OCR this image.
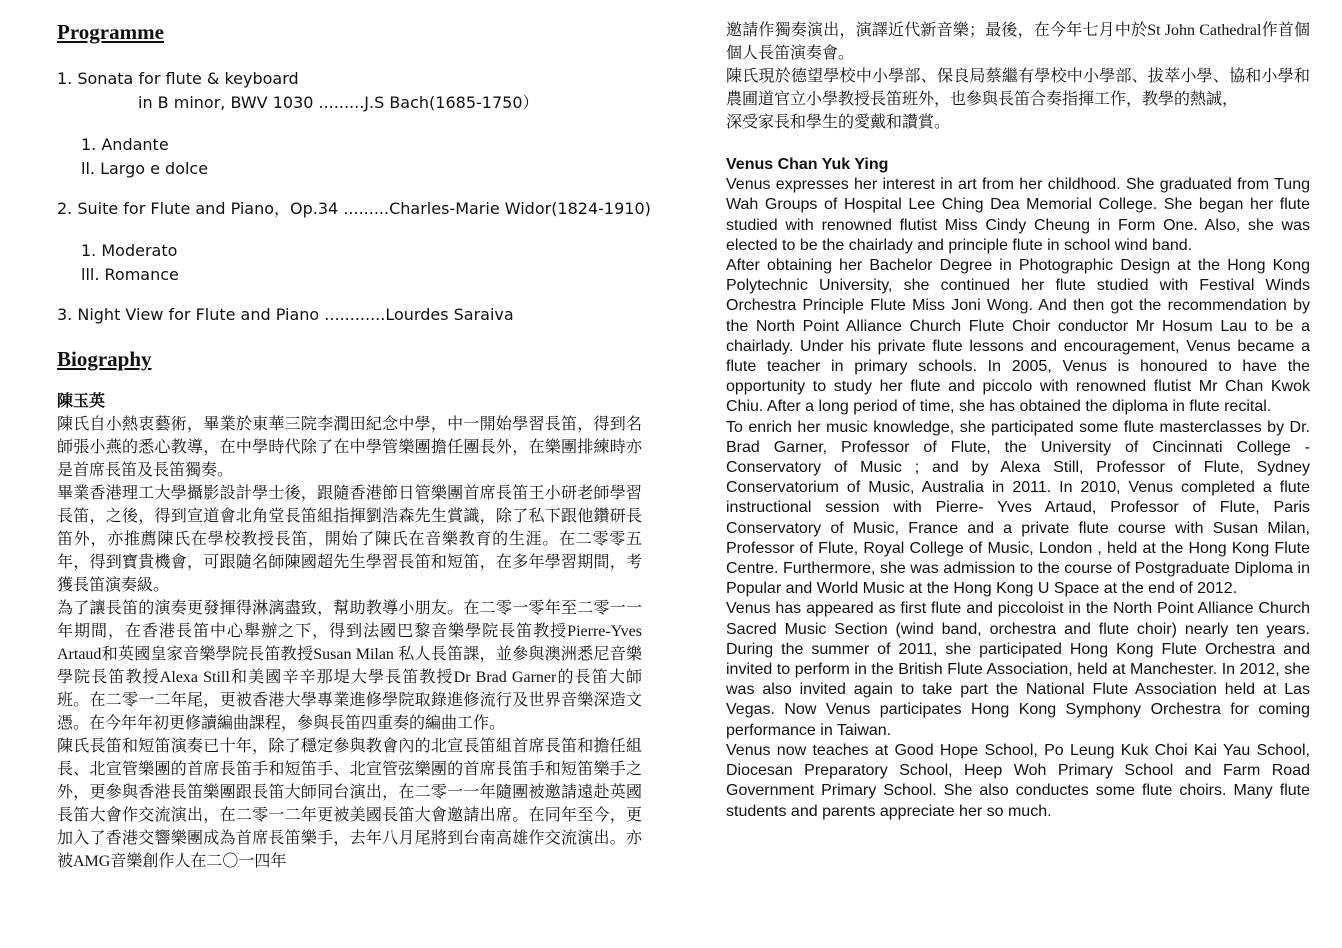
Programme
1. Sonata for flute & keyboard
in B minor, BWV 1030 .........J.S Bach(1685-1750）
1. Andante
ll. Largo e dolce
2. Suite for Flute and Piano，Op.34 .........Charles-Marie Widor(1824-1910)
1. Moderato
lll. Romance
3. Night View for Flute and Piano ............Lourdes Saraiva
Biography

陳玉英

陳氏自小熱衷藝術，畢業於東華三院李潤田紀念中學，中一開始學習長笛，得到名師張小燕的悉心教導，在中學時代除了在中學管樂團擔任團長外，在樂團排練時亦是首席長笛及長笛獨奏。

畢業香港理工大學攝影設計學士後，跟隨香港節日管樂團首席長笛王小研老師學習長笛，之後，得到宣道會北角堂長笛組指揮劉浩森先生賞識，除了私下跟他鑽研長笛外，亦推薦陳氏在學校教授長笛，開始了陳氏在音樂教育的生涯。在二零零五年，得到寶貴機會，可跟隨名師陳國超先生學習長笛和短笛，在多年學習期間，考獲長笛演奏級。

為了讓長笛的演奏更發揮得淋漓盡致，幫助教導小朋友。在二零一零年至二零一一年期間，在香港長笛中心舉辦之下，得到法國巴黎音樂學院長笛教授Pierre-Yves Artaud和英國皇家音樂學院長笛教授Susan Milan 私人長笛課，並參與澳洲悉尼音樂學院長笛教授Alexa Still和美國辛辛那堤大學長笛教授Dr Brad Garner的長笛大師班。在二零一二年尾，更被香港大學專業進修學院取錄進修流行及世界音樂深造文憑。在今年年初更修讀編曲課程，參與長笛四重奏的編曲工作。

陳氏長笛和短笛演奏已十年，除了穩定參與教會內的北宣長笛組首席長笛和擔任組長、北宣管樂團的首席長笛手和短笛手、北宣管弦樂團的首席長笛手和短笛樂手之外，更參與香港長笛樂團跟長笛大師同台演出，在二零一一年隨團被邀請遠赴英國長笛大會作交流演出，在二零一二年更被美國長笛大會邀請出席。在同年至今，更加入了香港交響樂團成為首席長笛樂手，去年八月尾將到台南高雄作交流演出。亦被AMG音樂創作人在二〇一四年

邀請作獨奏演出，演譯近代新音樂；最後，在今年七月中於St John Cathedral作首個個人長笛演奏會。

陳氏現於德望學校中小學部、保良局蔡繼有學校中小學部、拔萃小學、協和小學和農圃道官立小學教授長笛班外，也參與長笛合奏指揮工作，教學的熱誠，

深受家長和學生的愛戴和讚賞。

Venus Chan Yuk Ying

Venus expresses her interest in art from her childhood. She graduated from Tung Wah Groups of Hospital Lee Ching Dea Memorial College. She began her flute studied with renowned flutist Miss Cindy Cheung in Form One. Also, she was elected to be the chairlady and principle flute in school wind band.

After obtaining her Bachelor Degree in Photographic Design at the Hong Kong Polytechnic University, she continued her flute studied with Festival Winds Orchestra Principle Flute Miss Joni Wong. And then got the recommendation by the North Point Alliance Church Flute Choir conductor Mr Hosum Lau to be a chairlady. Under his private flute lessons and encouragement, Venus became a flute teacher in primary schools. In 2005, Venus is honoured to have the opportunity to study her flute and piccolo with renowned flutist Mr Chan Kwok Chiu. After a long period of time, she has obtained the diploma in flute recital.

To enrich her music knowledge, she participated some flute masterclasses by Dr. Brad Garner, Professor of Flute, the University of Cincinnati College - Conservatory of Music ; and by Alexa Still, Professor of Flute, Sydney Conservatorium of Music, Australia in 2011. In 2010, Venus completed a flute instructional session with Pierre- Yves Artaud, Professor of Flute, Paris Conservatory of Music, France and a private flute course with Susan Milan, Professor of Flute, Royal College of Music, London , held at the Hong Kong Flute Centre. Furthermore, she was admission to the course of Postgraduate Diploma in Popular and World Music at the Hong Kong U Space at the end of 2012.

Venus has appeared as first flute and piccoloist in the North Point Alliance Church Sacred Music Section (wind band, orchestra and flute choir) nearly ten years. During the summer of 2011, she participated Hong Kong Flute Orchestra and invited to perform in the British Flute Association, held at Manchester. In 2012, she was also invited again to take part the National Flute Association held at Las Vegas. Now Venus participates Hong Kong Symphony Orchestra for coming performance in Taiwan.

Venus now teaches at Good Hope School, Po Leung Kuk Choi Kai Yau School, Diocesan Preparatory School, Heep Woh Primary School and Farm Road Government Primary School. She also conductes some flute choirs. Many flute students and parents appreciate her so much.
